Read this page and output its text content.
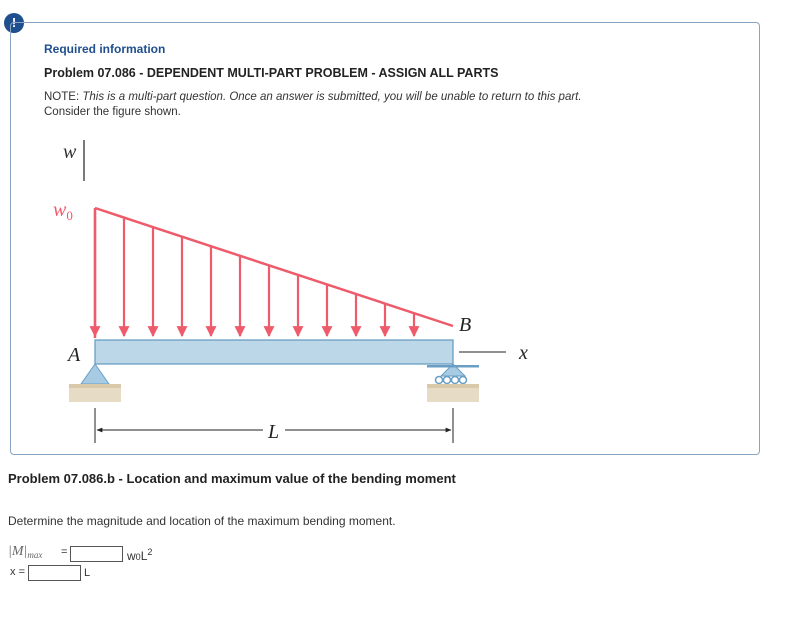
!
Required information
Problem 07.086 - DEPENDENT MULTI-PART PROBLEM - ASSIGN ALL PARTS
NOTE: This is a multi-part question. Once an answer is submitted, you will be unable to return to this part.
Consider the figure shown.
w
$w_0$
A
B
x
L
Problem 07.086.b - Location and maximum value of the bending moment
Determine the magnitude and location of the maximum bending moment.
$|M|_{max}$ =	$w0L^2$
x =	L
